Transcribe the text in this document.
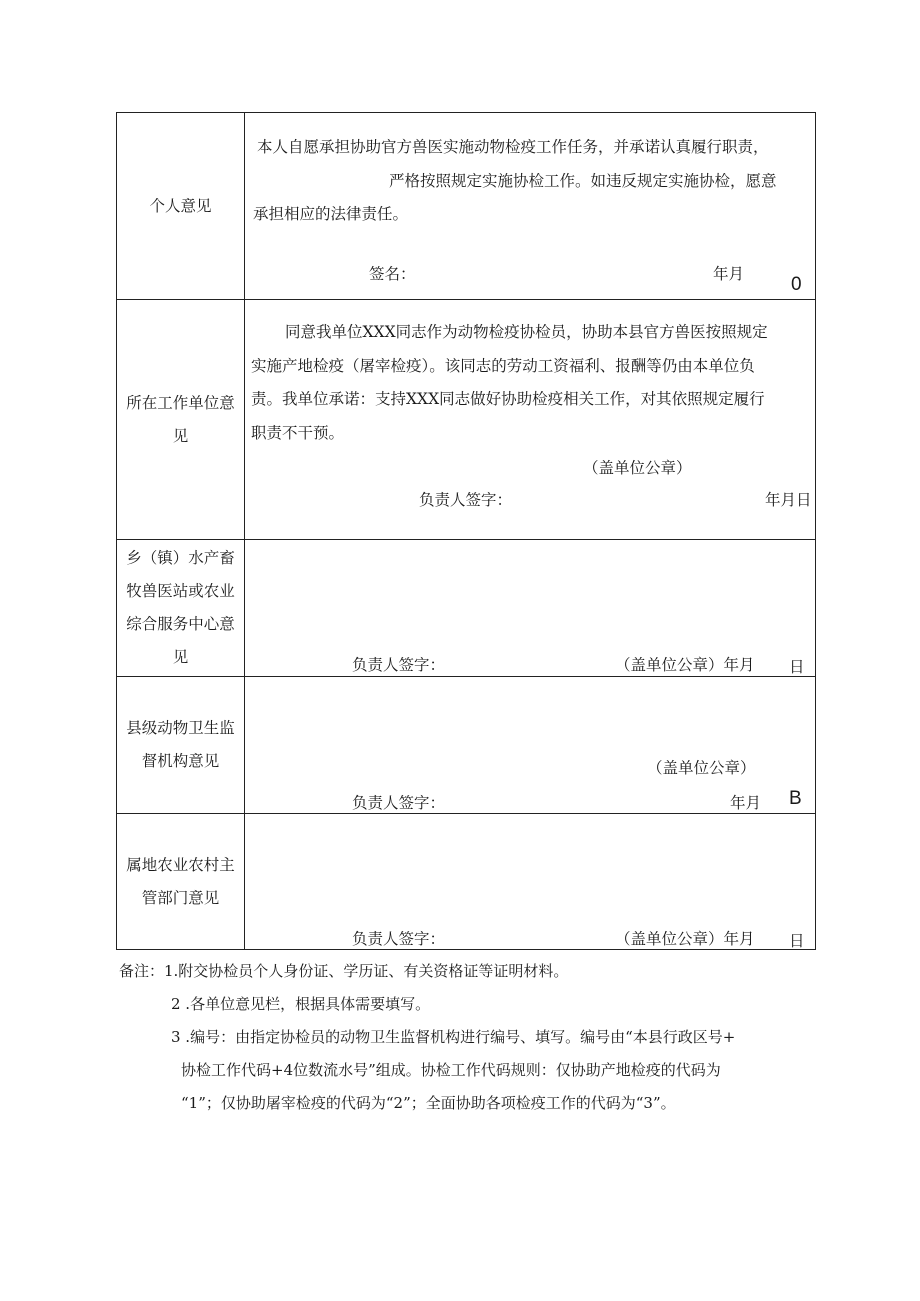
个人意见
本人自愿承担协助官方兽医实施动物检疫工作任务，并承诺认真履行职责，
严格按照规定实施协检工作。如违反规定实施协检，愿意
承担相应的法律责任。
签名：	年月 0
所在工作单位意
见
同意我单位XXX同志作为动物检疫协检员，协助本县官方兽医按照规定
实施产地检疫（屠宰检疫）。该同志的劳动工资福利、报酬等仍由本单位负
责。我单位承诺：支持XXX同志做好协助检疫相关工作，对其依照规定履行
职责不干预。
（盖单位公章）
负责人签字：	年月日
乡（镇）水产畜
牧兽医站或农业
综合服务中心意
见	负责人签字：	（盖单位公章）年月 日
县级动物卫生监
督机构意见	（盖单位公章）
负责人签字：	年月 B
属地农业农村主
管部门意见
负责人签字：	（盖单位公章）年月 日
备注：1.附交协检员个人身份证、学历证、有关资格证等证明材料。
2 .各单位意见栏，根据具体需要填写。
3 .编号：由指定协检员的动物卫生监督机构进行编号、填写。编号由“本县行政区号+
协检工作代码+4位数流水号”组成。协检工作代码规则：仅协助产地检疫的代码为
“1”；仅协助屠宰检疫的代码为“2”；全面协助各项检疫工作的代码为“3”。
